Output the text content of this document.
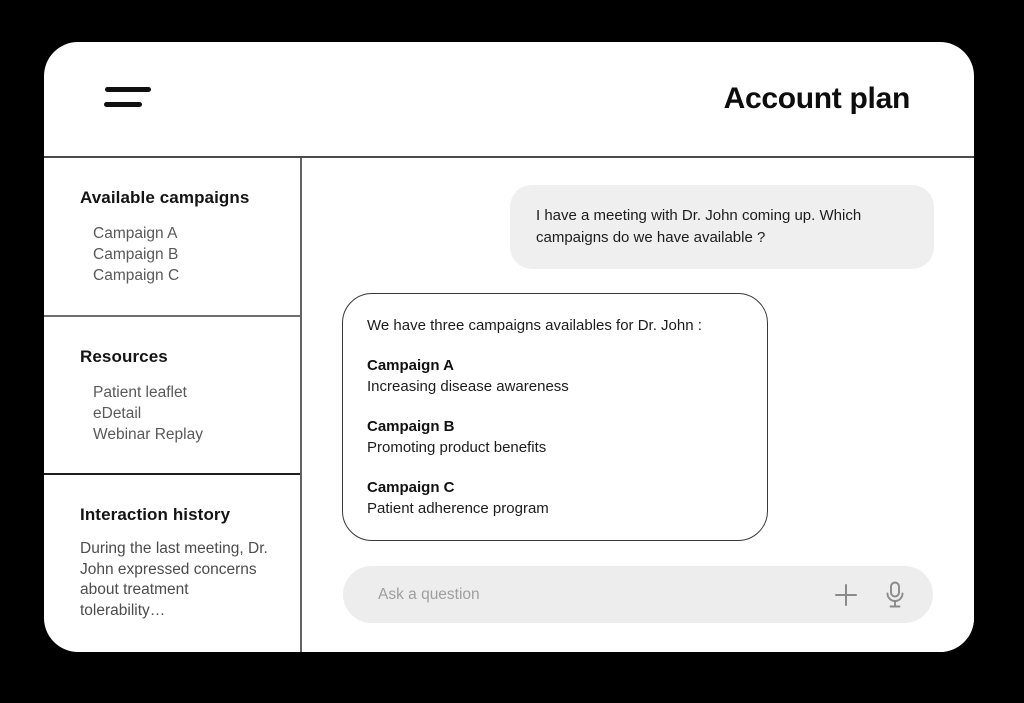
Account plan
Available campaigns
Campaign A
Campaign B
Campaign C
Resources
Patient leaflet
eDetail
Webinar Replay
Interaction history

During the last meeting, Dr. John expressed concerns about treatment tolerability…

I have a meeting with Dr. John coming up. Which campaigns do we have available ?

We have three campaigns availables for Dr. John :

Campaign A
Increasing disease awareness
Campaign B
Promoting product benefits
Campaign C
Patient adherence program
Ask a question
